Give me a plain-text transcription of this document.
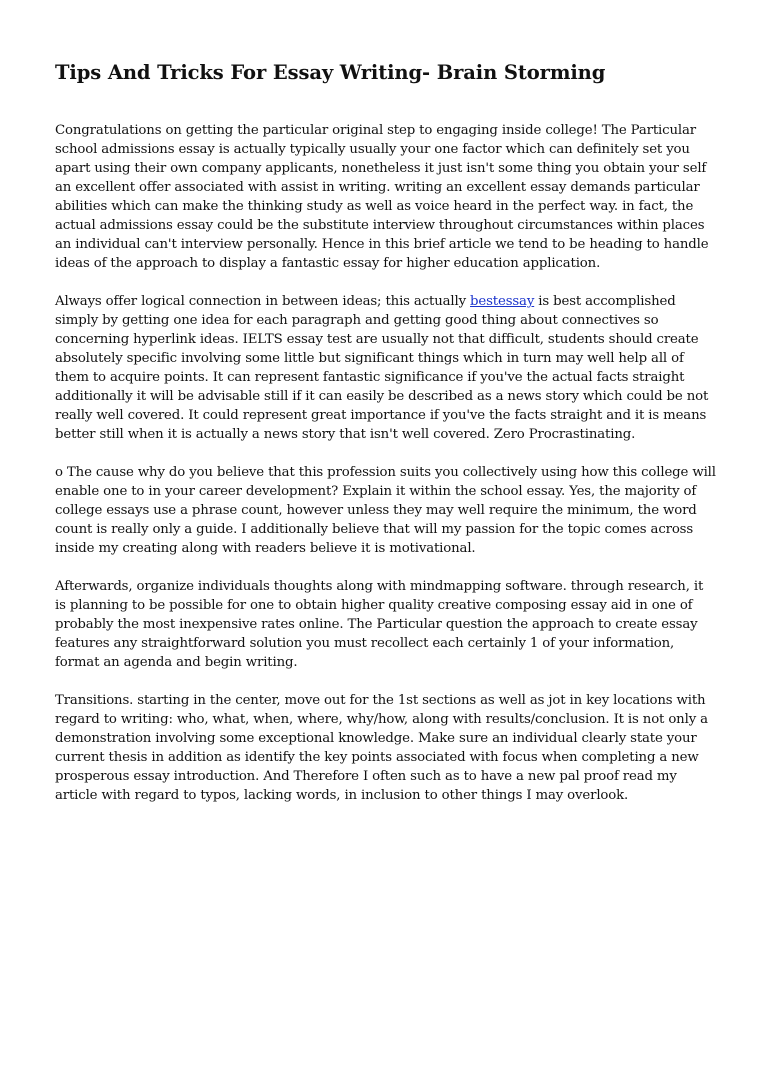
Tips And Tricks For Essay Writing- Brain Storming

Congratulations on getting the particular original step to engaging inside college! The Particular school admissions essay is actually typically usually your one factor which can definitely set you apart using their own company applicants, nonetheless it just isn't some thing you obtain your self an excellent offer associated with assist in writing. writing an excellent essay demands particular abilities which can make the thinking study as well as voice heard in the perfect way. in fact, the actual admissions essay could be the substitute interview throughout circumstances within places an individual can't interview personally. Hence in this brief article we tend to be heading to handle ideas of the approach to display a fantastic essay for higher education application.

Always offer logical connection in between ideas; this actually bestessay is best accomplished simply by getting one idea for each paragraph and getting good thing about connectives so concerning hyperlink ideas. IELTS essay test are usually not that difficult, students should create absolutely specific involving some little but significant things which in turn may well help all of them to acquire points. It can represent fantastic significance if you've the actual facts straight additionally it will be advisable still if it can easily be described as a news story which could be not really well covered. It could represent great importance if you've the facts straight and it is means better still when it is actually a news story that isn't well covered. Zero Procrastinating.

o The cause why do you believe that this profession suits you collectively using how this college will enable one to in your career development? Explain it within the school essay. Yes, the majority of college essays use a phrase count, however unless they may well require the minimum, the word count is really only a guide. I additionally believe that will my passion for the topic comes across inside my creating along with readers believe it is motivational.

Afterwards, organize individuals thoughts along with mindmapping software. through research, it is planning to be possible for one to obtain higher quality creative composing essay aid in one of probably the most inexpensive rates online. The Particular question the approach to create essay features any straightforward solution you must recollect each certainly 1 of your information, format an agenda and begin writing.

Transitions. starting in the center, move out for the 1st sections as well as jot in key locations with regard to writing: who, what, when, where, why/how, along with results/conclusion. It is not only a demonstration involving some exceptional knowledge. Make sure an individual clearly state your current thesis in addition as identify the key points associated with focus when completing a new prosperous essay introduction. And Therefore I often such as to have a new pal proof read my article with regard to typos, lacking words, in inclusion to other things I may overlook.
